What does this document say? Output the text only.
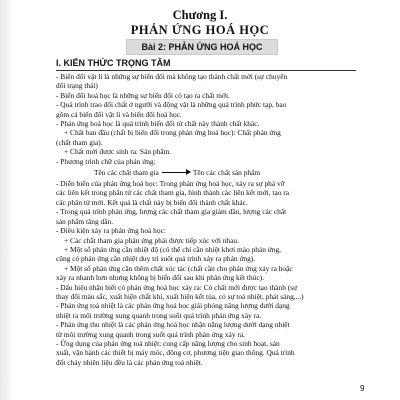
Chương I.
PHẢN ỨNG HOÁ HỌC
Bài 2: PHẢN ỨNG HOÁ HỌC
I. KIẾN THỨC TRỌNG TÂM
- Biến đổi vật lí là những sự biến đổi mà không tạo thành chất mới (sự chuyển
đổi trạng thái)
- Biến đổi hoá học là những sự biến đổi có tạo ra chất mới.
- Quá trình trao đổi chất ở người và động vật là những quá trình phức tạp, bao
gồm cả biến đổi vật lí và biến đổi hoá học.
- Phản ứng hoá học là quá trình biến đổi từ chất này thành chất khác.
+ Chất ban đầu (chất bị biến đổi trong phản ứng hoá học): Chất phản ứng
(chất tham gia).
+ Chất mới được sinh ra: Sản phẩm.
- Phương trình chữ của phản ứng:
Tên các chất tham gia → Tên các chất sản phẩm
- Diễn biến của phản ứng hoá học: Trong phản ứng hoá học, xảy ra sự phá vỡ
các liên kết trong phân tử các chất tham gia, hình thành các liên kết mới, tạo ra
các phân tử mới. Kết quả là chất này bị biến đổi thành chất khác.
- Trong quá trình phản ứng, lượng các chất tham gia giảm dần, lượng các chất
sản phẩm tăng dần.
- Điều kiện xảy ra phản ứng hoá học:
+ Các chất tham gia phản ứng phải được tiếp xúc với nhau.
+ Một số phản ứng cần nhiệt độ (có thể chỉ cần nhiệt khơi mào phản ứng,
cũng có phản ứng cần nhiệt duy trì suốt quá trình xảy ra phản ứng).
+ Một số phản ứng cần thêm chất xúc tác (chất cần cho phản ứng xảy ra hoặc
xảy ra nhanh hơn nhưng không bị biến đổi sau khi phản ứng kết thúc).
- Dấu hiệu nhận biết có phản ứng hoá học xảy ra: Có chất mới được tạo thành (sự
thay đổi màu sắc, xuất hiện chất khí, xuất hiện kết tủa, có sự toả nhiệt, phát sáng,...)
- Phản ứng toả nhiệt là các phản ứng hoá học giải phóng năng lượng dưới dạng
nhiệt ra môi trường xung quanh trong suốt quá trình phản ứng xảy ra.
- Phản ứng thu nhiệt là các phản ứng hoá học nhận năng lượng dưới dạng nhiệt
từ môi trường xung quanh trong suốt quá trình phản ứng xảy ra.
- Ứng dụng của phản ứng toả nhiệt: cung cấp năng lượng cho sinh hoạt, sản
xuất, vận hành các thiết bị máy móc, động cơ, phương tiện giao thông. Quá trình
đốt cháy nhiên liệu đều là các phản ứng toả nhiệt.
9
